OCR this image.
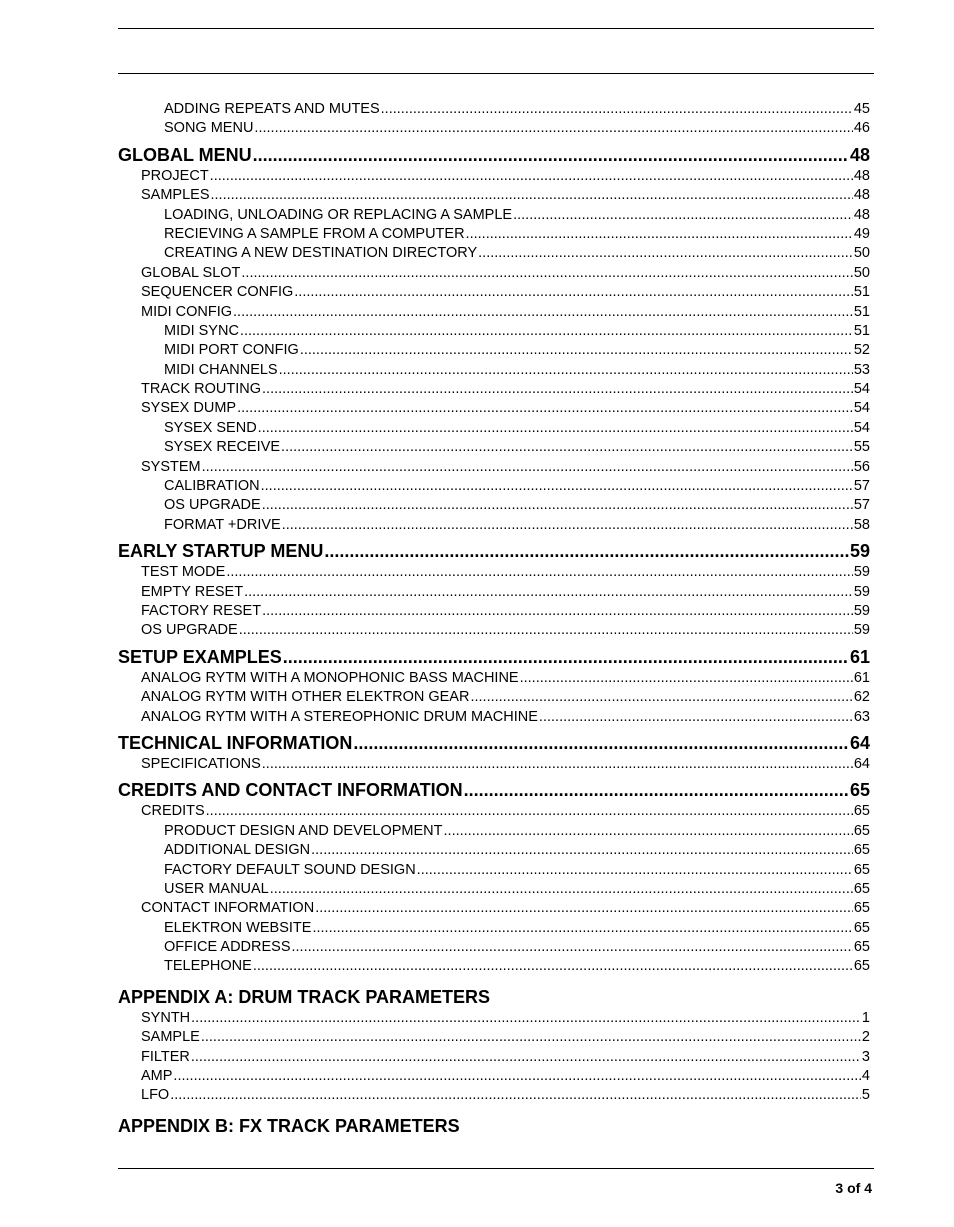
ADDING REPEATS AND MUTES .....	45
SONG MENU .....	46
GLOBAL MENU .....	48
PROJECT .....	48
SAMPLES .....	48
LOADING, UNLOADING OR REPLACING A SAMPLE .....	48
RECIEVING A SAMPLE FROM A COMPUTER .....	49
CREATING A NEW DESTINATION DIRECTORY .....	50
GLOBAL SLOT .....	50
SEQUENCER CONFIG .....	51
MIDI CONFIG .....	51
MIDI SYNC .....	51
MIDI PORT CONFIG .....	52
MIDI CHANNELS .....	53
TRACK ROUTING .....	54
SYSEX DUMP .....	54
SYSEX SEND .....	54
SYSEX RECEIVE .....	55
SYSTEM .....	56
CALIBRATION .....	57
OS UPGRADE .....	57
FORMAT +DRIVE .....	58
EARLY STARTUP MENU .....	59
TEST MODE .....	59
EMPTY RESET .....	59
FACTORY RESET .....	59
OS UPGRADE .....	59
SETUP EXAMPLES .....	61
ANALOG RYTM WITH A MONOPHONIC BASS MACHINE .....	61
ANALOG RYTM WITH OTHER ELEKTRON GEAR .....	62
ANALOG RYTM WITH A STEREOPHONIC DRUM MACHINE .....	63
TECHNICAL INFORMATION .....	64
SPECIFICATIONS .....	64
CREDITS AND CONTACT INFORMATION .....	65
CREDITS .....	65
PRODUCT DESIGN AND DEVELOPMENT .....	65
ADDITIONAL DESIGN .....	65
FACTORY DEFAULT SOUND DESIGN .....	65
USER MANUAL .....	65
CONTACT INFORMATION .....	65
ELEKTRON WEBSITE .....	65
OFFICE ADDRESS .....	65
TELEPHONE .....	65
APPENDIX A: DRUM TRACK PARAMETERS
SYNTH .....	1
SAMPLE .....	2
FILTER .....	3
AMP .....	4
LFO .....	5
APPENDIX B: FX TRACK PARAMETERS
3 of 4
